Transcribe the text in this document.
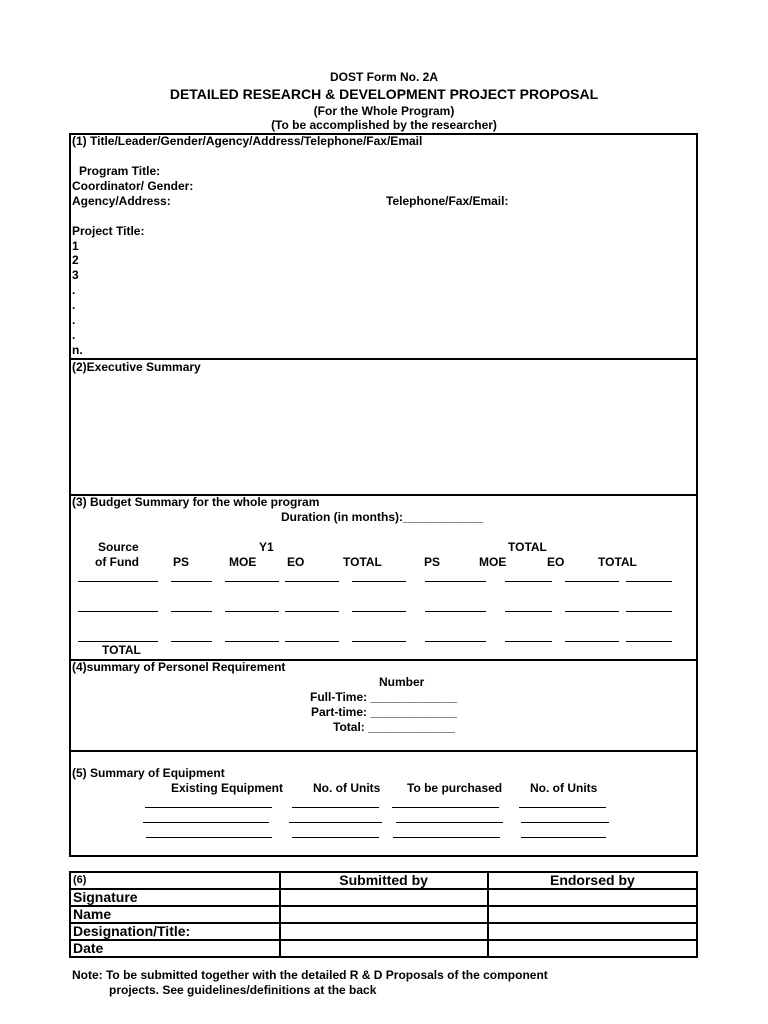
DOST Form No. 2A
DETAILED RESEARCH & DEVELOPMENT PROJECT PROPOSAL
(For the Whole Program)
(To be accomplished by the researcher)
(1) Title/Leader/Gender/Agency/Address/Telephone/Fax/Email
Program Title:
Coordinator/ Gender:
Agency/Address:	Telephone/Fax/Email:
Project Title:
1
2
3
.
.
.
.
n.
(2)Executive Summary
(3) Budget Summary for the whole program
Duration (in months):____________
Source
of Fund
Y1	TOTAL
PS	MOE	EO	TOTAL	PS	MOE	EO	TOTAL
TOTAL
(4)summary of Personel Requirement
Number
Full-Time: _____________
Part-time: _____________
Total: _____________
(5) Summary of Equipment
Existing Equipment No. of Units To be purchased No. of Units
(6)	Submitted by	Endorsed by
Signature		
Name		
Designation/Title:		
Date		
Note: To be submitted together with the detailed R & D Proposals of the component
projects. See guidelines/definitions at the back
